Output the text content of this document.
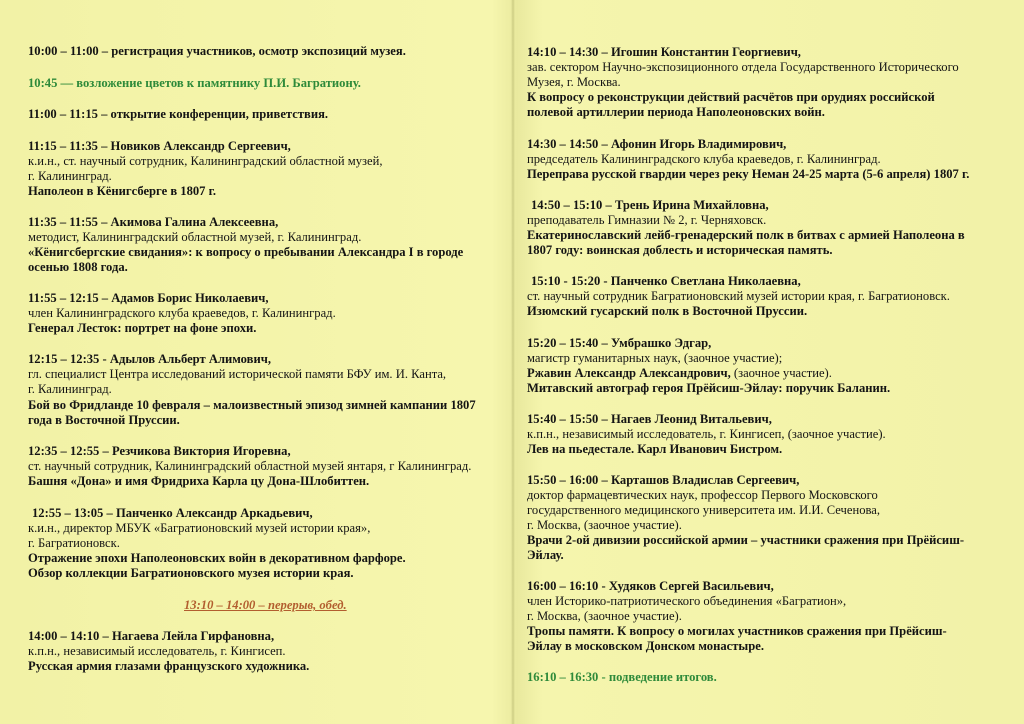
10:00 – 11:00 – регистрация участников, осмотр экспозиций музея.
10:45 — возложение цветов к памятнику П.И. Багратиону.
11:00 – 11:15 – открытие конференции, приветствия.
11:15 – 11:35 – Новиков Александр Сергеевич,
к.и.н., ст. научный сотрудник, Калининградский областной музей,
г. Калининград.
Наполеон в Кёнигсберге в 1807 г.
11:35 – 11:55 – Акимова Галина Алексеевна,
методист, Калининградский областной музей, г. Калининград.
«Кёнигсбергские свидания»: к вопросу о пребывании Александра I в городе
осенью 1808 года.
11:55 – 12:15 – Адамов Борис Николаевич,
член Калининградского клуба краеведов, г. Калининград.
Генерал Лесток: портрет на фоне эпохи.
12:15 – 12:35 - Адылов Альберт Алимович,
гл. специалист Центра исследований исторической памяти БФУ им. И. Канта,
г. Калининград.
Бой во Фридланде 10 февраля – малоизвестный эпизод зимней кампании 1807
года в Восточной Пруссии.
12:35 – 12:55 – Резчикова Виктория Игоревна,
ст. научный сотрудник, Калининградский областной музей янтаря, г Калининград.
Башня «Дона» и имя Фридриха Карла цу Дона-Шлобиттен.
12:55 – 13:05 – Панченко Александр Аркадьевич,
к.и.н., директор МБУК «Багратионовский музей истории края»,
г. Багратионовск.
Отражение эпохи Наполеоновских войн в декоративном фарфоре.
Обзор коллекции Багратионовского музея истории края.
13:10 – 14:00 – перерыв, обед.
14:00 – 14:10 – Нагаева Лейла Гирфановна,
к.п.н., независимый исследователь, г. Кингисеп.
Русская армия глазами французского художника.
14:10 – 14:30 – Игошин Константин Георгиевич,
зав. сектором Научно-экспозиционного отдела Государственного Исторического
Музея, г. Москва.
К вопросу о реконструкции действий расчётов при орудиях российской
полевой артиллерии периода Наполеоновских войн.
14:30 – 14:50 – Афонин Игорь Владимирович,
председатель Калининградского клуба краеведов, г. Калининград.
Переправа русской гвардии через реку Неман 24-25 марта (5-6 апреля) 1807 г.
14:50 – 15:10 – Трень Ирина Михайловна,
преподаватель Гимназии № 2, г. Черняховск.
Екатеринославский лейб-гренадерский полк в битвах с армией Наполеона в
1807 году: воинская доблесть и историческая память.
15:10 - 15:20 - Панченко Светлана Николаевна,
ст. научный сотрудник Багратионовский музей истории края, г. Багратионовск.
Изюмский гусарский полк в Восточной Пруссии.
15:20 – 15:40 – Умбрашко Эдгар,
магистр гуманитарных наук, (заочное участие);
Ржавин Александр Александрович, (заочное участие).
Митавский автограф героя Прёйсиш-Эйлау: поручик Баланин.
15:40 – 15:50 – Нагаев Леонид Витальевич,
к.п.н., независимый исследователь, г. Кингисеп, (заочное участие).
Лев на пьедестале. Карл Иванович Бистром.
15:50 – 16:00 – Карташов Владислав Сергеевич,
доктор фармацевтических наук, профессор Первого Московского
государственного медицинского университета им. И.И. Сеченова,
г. Москва, (заочное участие).
Врачи 2-ой дивизии российской армии – участники сражения при Прёйсиш-
Эйлау.
16:00 – 16:10 - Худяков Сергей Васильевич,
член Историко-патриотического объединения «Багратион»,
г. Москва, (заочное участие).
Тропы памяти. К вопросу о могилах участников сражения при Прёйсиш-
Эйлау в московском Донском монастыре.
16:10 – 16:30 - подведение итогов.
